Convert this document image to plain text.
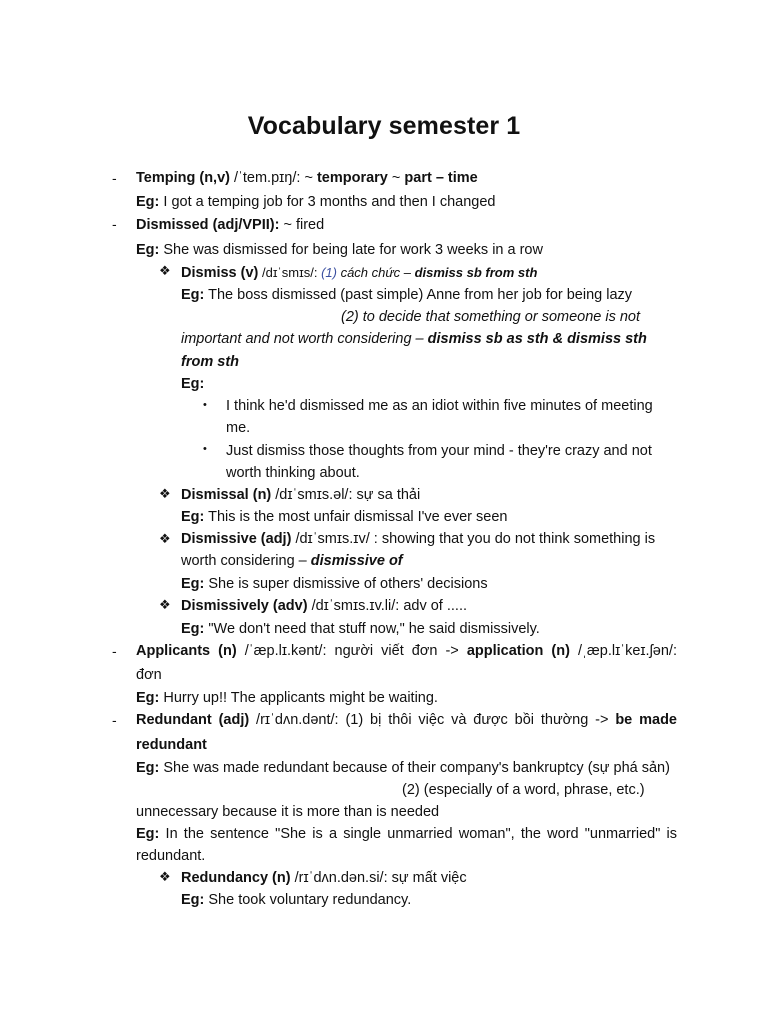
Vocabulary semester 1
- Temping (n,v) /ˈtem.pɪŋ/: ~ temporary ~ part – time
Eg: I got a temping job for 3 months and then I changed
- Dismissed (adj/VPII): ~ fired
Eg: She was dismissed for being late for work 3 weeks in a row
❖ Dismiss (v) /dɪˈsmɪs/: (1) cách chức – dismiss sb from sth
Eg: The boss dismissed (past simple) Anne from her job for being lazy
(2) to decide that something or someone is not
important and not worth considering – dismiss sb as sth & dismiss sth
from sth
Eg:
• I think he'd dismissed me as an idiot within five minutes of meeting
me.
• Just dismiss those thoughts from your mind - they're crazy and not
worth thinking about.
❖ Dismissal (n) /dɪˈsmɪs.əl/: sự sa thải
Eg: This is the most unfair dismissal I've ever seen
❖ Dismissive (adj) /dɪˈsmɪs.ɪv/ : showing that you do not think something is
worth considering – dismissive of
Eg: She is super dismissive of others' decisions
❖ Dismissively (adv) /dɪˈsmɪs.ɪv.li/: adv of .....
Eg: "We don't need that stuff now," he said dismissively.
- Applicants (n) /ˈæp.lɪ.kənt/: người viết đơn -> application (n) /ˌæp.lɪˈkeɪ.ʃən/:
đơn
Eg: Hurry up!! The applicants might be waiting.
- Redundant (adj) /rɪˈdʌn.dənt/: (1) bị thôi việc và được bồi thường -> be made
redundant
Eg: She was made redundant because of their company's bankruptcy (sự phá sản)
(2) (especially of a word, phrase, etc.)
unnecessary because it is more than is needed
Eg: In the sentence "She is a single unmarried woman", the word "unmarried" is
redundant.
❖ Redundancy (n) /rɪˈdʌn.dən.si/: sự mất việc
Eg: She took voluntary redundancy.
